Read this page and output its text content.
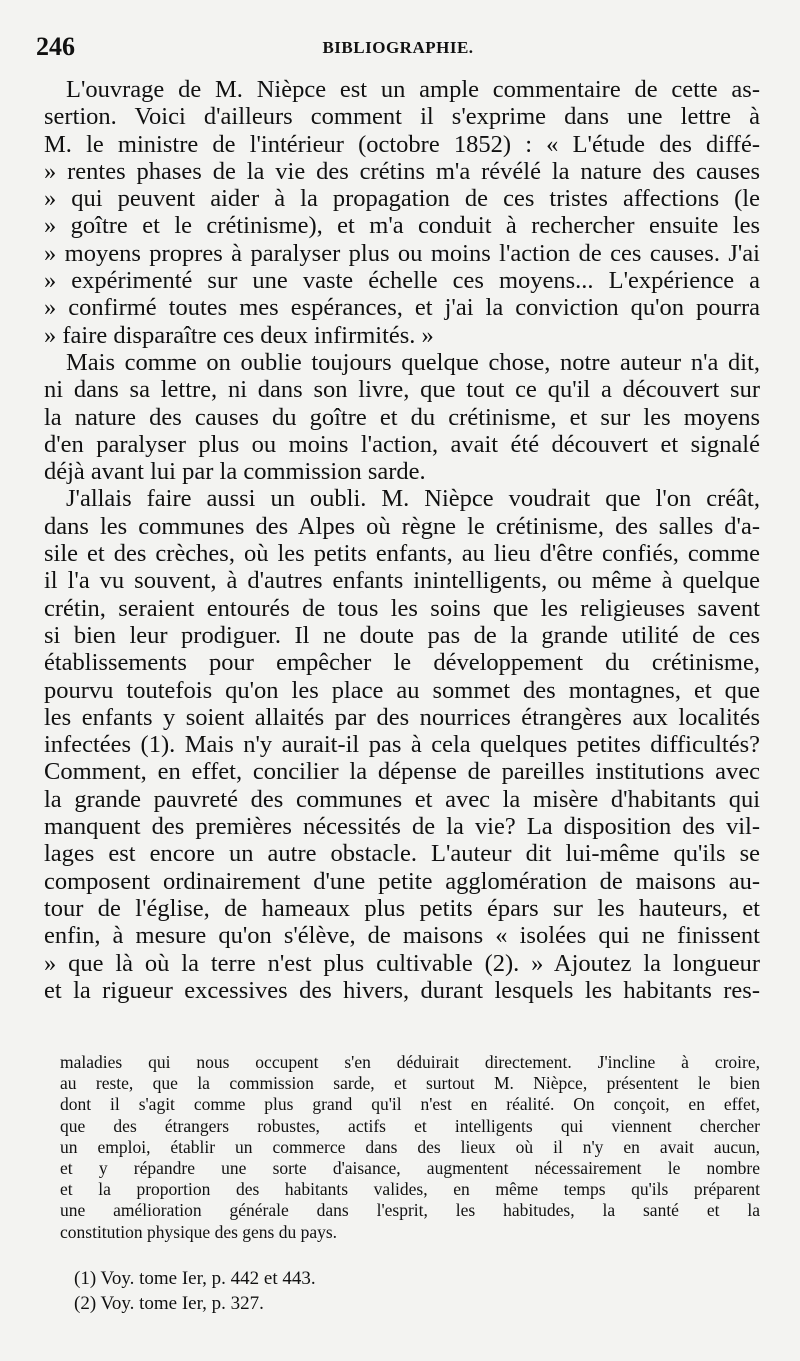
246	BIBLIOGRAPHIE.
L'ouvrage de M. Nièpce est un ample commentaire de cette as-
sertion. Voici d'ailleurs comment il s'exprime dans une lettre à
M. le ministre de l'intérieur (octobre 1852) : « L'étude des diffé-
» rentes phases de la vie des crétins m'a révélé la nature des causes
» qui peuvent aider à la propagation de ces tristes affections (le
» goître et le crétinisme), et m'a conduit à rechercher ensuite les
» moyens propres à paralyser plus ou moins l'action de ces causes. J'ai
» expérimenté sur une vaste échelle ces moyens... L'expérience a
» confirmé toutes mes espérances, et j'ai la conviction qu'on pourra
» faire disparaître ces deux infirmités. »
Mais comme on oublie toujours quelque chose, notre auteur n'a dit,
ni dans sa lettre, ni dans son livre, que tout ce qu'il a découvert sur
la nature des causes du goître et du crétinisme, et sur les moyens
d'en paralyser plus ou moins l'action, avait été découvert et signalé
déjà avant lui par la commission sarde.
J'allais faire aussi un oubli. M. Nièpce voudrait que l'on créât,
dans les communes des Alpes où règne le crétinisme, des salles d'a-
sile et des crèches, où les petits enfants, au lieu d'être confiés, comme
il l'a vu souvent, à d'autres enfants inintelligents, ou même à quelque
crétin, seraient entourés de tous les soins que les religieuses savent
si bien leur prodiguer. Il ne doute pas de la grande utilité de ces
établissements pour empêcher le développement du crétinisme,
pourvu toutefois qu'on les place au sommet des montagnes, et que
les enfants y soient allaités par des nourrices étrangères aux localités
infectées (1). Mais n'y aurait-il pas à cela quelques petites difficultés?
Comment, en effet, concilier la dépense de pareilles institutions avec
la grande pauvreté des communes et avec la misère d'habitants qui
manquent des premières nécessités de la vie? La disposition des vil-
lages est encore un autre obstacle. L'auteur dit lui-même qu'ils se
composent ordinairement d'une petite agglomération de maisons au-
tour de l'église, de hameaux plus petits épars sur les hauteurs, et
enfin, à mesure qu'on s'élève, de maisons « isolées qui ne finissent
» que là où la terre n'est plus cultivable (2). » Ajoutez la longueur
et la rigueur excessives des hivers, durant lesquels les habitants res-
maladies qui nous occupent s'en déduirait directement. J'incline à croire,
au reste, que la commission sarde, et surtout M. Nièpce, présentent le bien
dont il s'agit comme plus grand qu'il n'est en réalité. On conçoit, en effet,
que des étrangers robustes, actifs et intelligents qui viennent chercher
un emploi, établir un commerce dans des lieux où il n'y en avait aucun,
et y répandre une sorte d'aisance, augmentent nécessairement le nombre
et la proportion des habitants valides, en même temps qu'ils préparent
une amélioration générale dans l'esprit, les habitudes, la santé et la
constitution physique des gens du pays.
(1) Voy. tome Ier, p. 442 et 443.
(2) Voy. tome Ier, p. 327.
